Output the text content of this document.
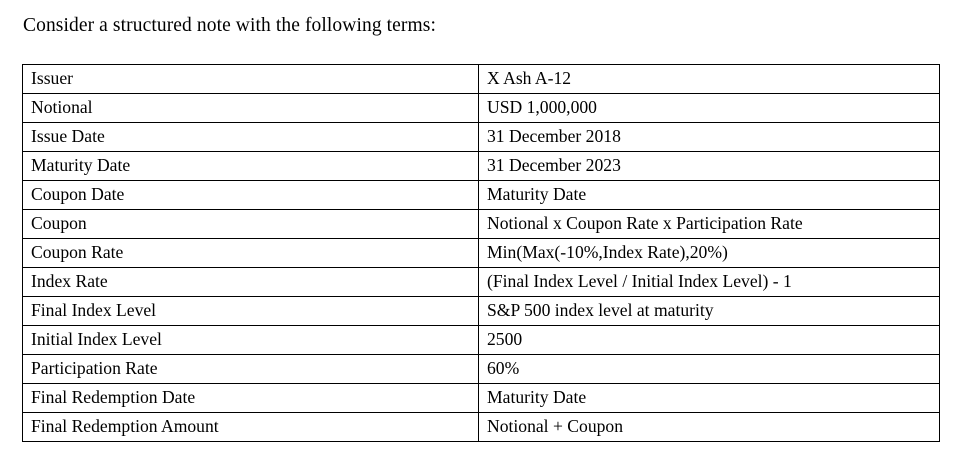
Consider a structured note with the following terms:
Issuer	X Ash A-12
Notional	USD 1,000,000
Issue Date	31 December 2018
Maturity Date	31 December 2023
Coupon Date	Maturity Date
Coupon	Notional x Coupon Rate x Participation Rate
Coupon Rate	Min(Max(-10%,Index Rate),20%)
Index Rate	(Final Index Level / Initial Index Level) - 1
Final Index Level	S&P 500 index level at maturity
Initial Index Level	2500
Participation Rate	60%
Final Redemption Date	Maturity Date
Final Redemption Amount	Notional + Coupon
